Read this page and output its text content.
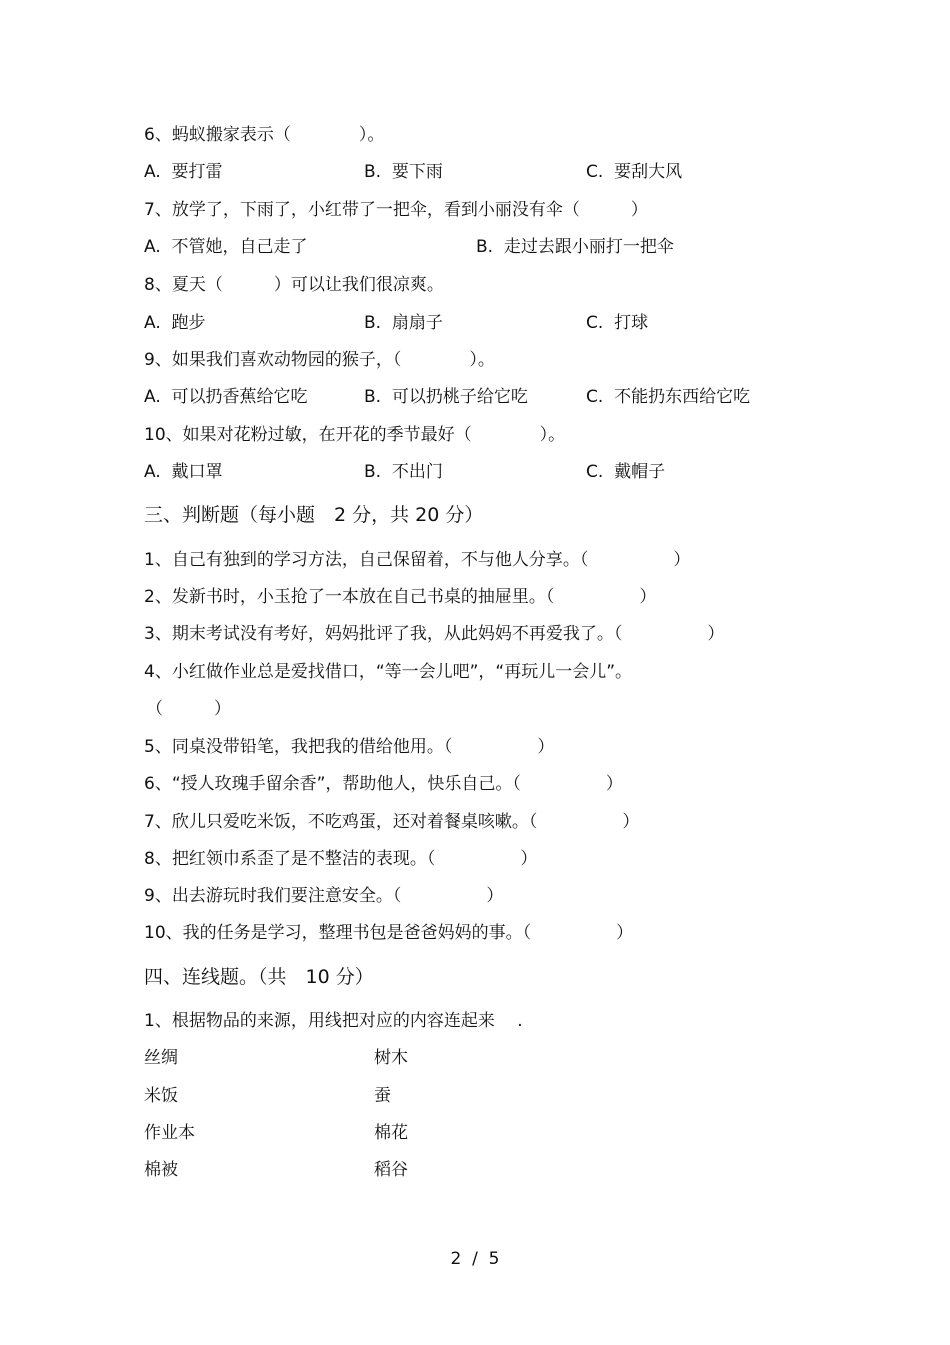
6、蚂蚁搬家表示（　　　　）。
A.  要打雷	B.  要下雨	C.  要刮大风
7、放学了，下雨了，小红带了一把伞，看到小丽没有伞（　　　）
A.  不管她，自己走了	B.  走过去跟小丽打一把伞
8、夏天（　　　）可以让我们很凉爽。
A.  跑步	B.  扇扇子	C.  打球
9、如果我们喜欢动物园的猴子，（　　　　）。
A.  可以扔香蕉给它吃	B.  可以扔桃子给它吃	C.  不能扔东西给它吃
10、如果对花粉过敏，在开花的季节最好（　　　　）。
A.  戴口罩	B.  不出门	C.  戴帽子
三、判断题（每小题　2 分，共 20 分）
1、自己有独到的学习方法，自己保留着，不与他人分享。（　　　　　）
2、发新书时，小玉抢了一本放在自己书桌的抽屉里。（　　　　　）
3、期末考试没有考好，妈妈批评了我，从此妈妈不再爱我了。（　　　　　）
4、小红做作业总是爱找借口，“等一会儿吧”，“再玩儿一会儿”。
（　　　）
5、同桌没带铅笔，我把我的借给他用。（　　　　　）
6、“授人玫瑰手留余香”，帮助他人，快乐自己。（　　　　　）
7、欣儿只爱吃米饭，不吃鸡蛋，还对着餐桌咳嗽。（　　　　　）
8、把红领巾系歪了是不整洁的表现。（　　　　　）
9、出去游玩时我们要注意安全。（　　　　　）
10、我的任务是学习，整理书包是爸爸妈妈的事。（　　　　　）
四、连线题。（共　10 分）
1、根据物品的来源，用线把对应的内容连起来　 .
丝绸	树木
米饭	蚕
作业本	棉花
棉被	稻谷
2  /  5
